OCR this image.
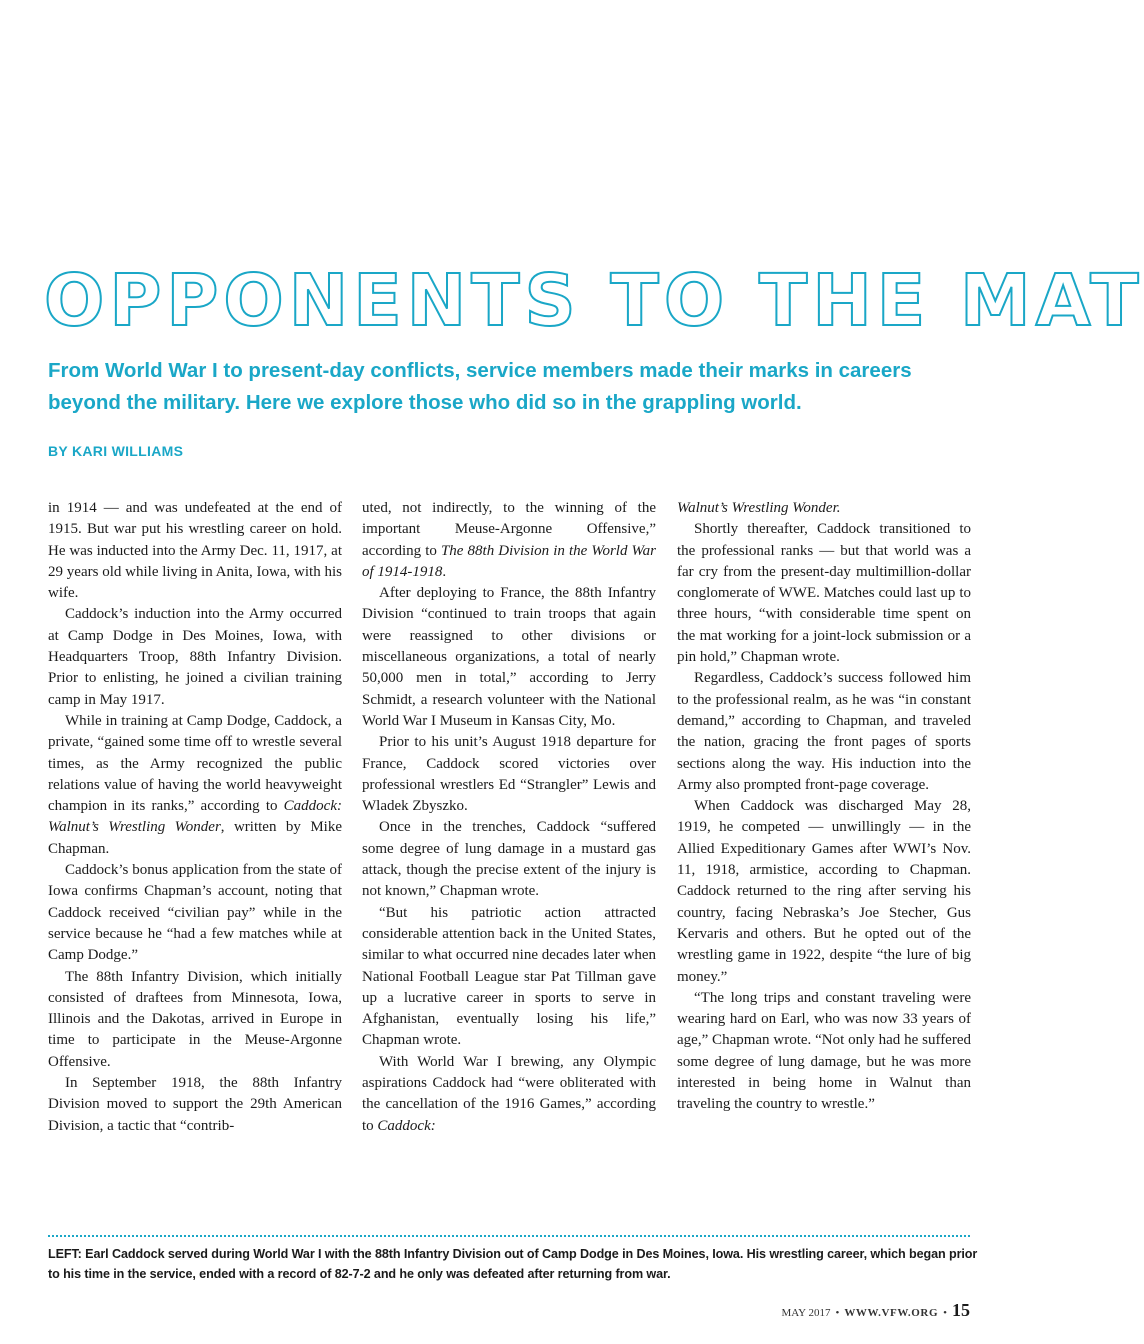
OPPONENTS TO THE MAT

From World War I to present-day conflicts, service members made their marks in careers beyond the military. Here we explore those who did so in the grappling world.

BY KARI WILLIAMS

in 1914 — and was undefeated at the end of 1915. But war put his wrestling career on hold. He was inducted into the Army Dec. 11, 1917, at 29 years old while living in Anita, Iowa, with his wife.

Caddock’s induction into the Army occurred at Camp Dodge in Des Moines, Iowa, with Headquarters Troop, 88th Infantry Division. Prior to enlisting, he joined a civilian training camp in May 1917.

While in training at Camp Dodge, Caddock, a private, “gained some time off to wrestle several times, as the Army recognized the public relations value of having the world heavyweight champion in its ranks,” according to Caddock: Walnut’s Wrestling Wonder, written by Mike Chapman.

Caddock’s bonus application from the state of Iowa confirms Chapman’s account, noting that Caddock received “civilian pay” while in the service because he “had a few matches while at Camp Dodge.”

The 88th Infantry Division, which initially consisted of draftees from Minnesota, Iowa, Illinois and the Dakotas, arrived in Europe in time to participate in the Meuse-Argonne Offensive.

In September 1918, the 88th Infantry Division moved to support the 29th American Division, a tactic that “contrib-

uted, not indirectly, to the winning of the important Meuse-Argonne Offensive,” according to The 88th Division in the World War of 1914-1918.

After deploying to France, the 88th Infantry Division “continued to train troops that again were reassigned to other divisions or miscellaneous organizations, a total of nearly 50,000 men in total,” according to Jerry Schmidt, a research volunteer with the National World War I Museum in Kansas City, Mo.

Prior to his unit’s August 1918 departure for France, Caddock scored victories over professional wrestlers Ed “Strangler” Lewis and Wladek Zbyszko.

Once in the trenches, Caddock “suffered some degree of lung damage in a mustard gas attack, though the precise extent of the injury is not known,” Chapman wrote.

“But his patriotic action attracted considerable attention back in the United States, similar to what occurred nine decades later when National Football League star Pat Tillman gave up a lucrative career in sports to serve in Afghanistan, eventually losing his life,” Chapman wrote.

With World War I brewing, any Olympic aspirations Caddock had “were obliterated with the cancellation of the 1916 Games,” according to Caddock:

Walnut’s Wrestling Wonder.

Shortly thereafter, Caddock transitioned to the professional ranks — but that world was a far cry from the present-day multimillion-dollar conglomerate of WWE. Matches could last up to three hours, “with considerable time spent on the mat working for a joint-lock submission or a pin hold,” Chapman wrote.

Regardless, Caddock’s success followed him to the professional realm, as he was “in constant demand,” according to Chapman, and traveled the nation, gracing the front pages of sports sections along the way. His induction into the Army also prompted front-page coverage.

When Caddock was discharged May 28, 1919, he competed — unwillingly — in the Allied Expeditionary Games after WWI’s Nov. 11, 1918, armistice, according to Chapman. Caddock returned to the ring after serving his country, facing Nebraska’s Joe Stecher, Gus Kervaris and others. But he opted out of the wrestling game in 1922, despite “the lure of big money.”

“The long trips and constant traveling were wearing hard on Earl, who was now 33 years of age,” Chapman wrote. “Not only had he suffered some degree of lung damage, but he was more interested in being home in Walnut than traveling the country to wrestle.”

LEFT: Earl Caddock served during World War I with the 88th Infantry Division out of Camp Dodge in Des Moines, Iowa. His wrestling career, which began prior to his time in the service, ended with a record of 82-7-2 and he only was defeated after returning from war.

MAY 2017 • WWW.VFW.ORG • 15
